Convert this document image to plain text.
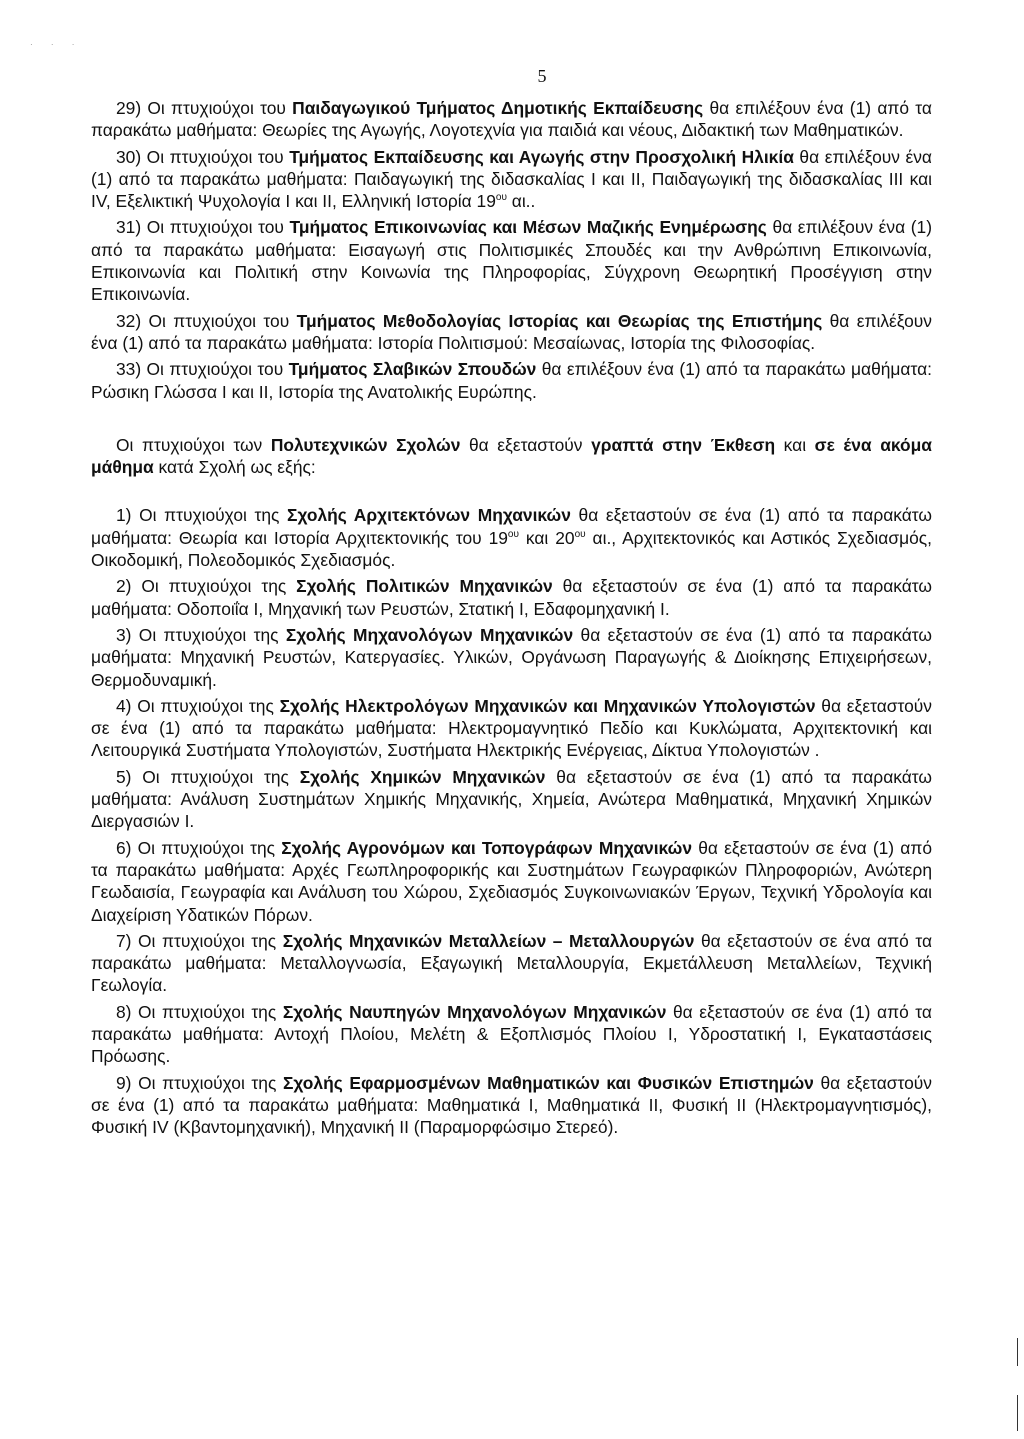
· · ·
5

29) Οι πτυχιούχοι του Παιδαγωγικού Τμήματος Δημοτικής Εκπαίδευσης θα επιλέξουν ένα (1) από τα παρακάτω μαθήματα: Θεωρίες της Αγωγής, Λογοτεχνία για παιδιά και νέους, Διδακτική των Μαθηματικών.

30) Οι πτυχιούχοι του Τμήματος Εκπαίδευσης και Αγωγής στην Προσχολική Ηλικία θα επιλέξουν ένα (1) από τα παρακάτω μαθήματα: Παιδαγωγική της διδασκαλίας Ι και ΙΙ, Παιδαγωγική της διδασκαλίας ΙΙΙ και IV, Εξελικτική Ψυχολογία Ι και ΙΙ, Ελληνική Ιστορία $19^{o\upsilon}$ αι..

31) Οι πτυχιούχοι του Τμήματος Επικοινωνίας και Μέσων Μαζικής Ενημέρωσης θα επιλέξουν ένα (1) από τα παρακάτω μαθήματα: Εισαγωγή στις Πολιτισμικές Σπουδές και την Ανθρώπινη Επικοινωνία, Επικοινωνία και Πολιτική στην Κοινωνία της Πληροφορίας, Σύγχρονη Θεωρητική Προσέγγιση στην Επικοινωνία.

32) Οι πτυχιούχοι του Τμήματος Μεθοδολογίας Ιστορίας και Θεωρίας της Επιστήμης θα επιλέξουν ένα (1) από τα παρακάτω μαθήματα: Ιστορία Πολιτισμού: Μεσαίωνας, Ιστορία της Φιλοσοφίας.

33) Οι πτυχιούχοι του Τμήματος Σλαβικών Σπουδών θα επιλέξουν ένα (1) από τα παρακάτω μαθήματα: Ρώσικη Γλώσσα Ι και ΙΙ, Ιστορία της Ανατολικής Ευρώπης.

Οι πτυχιούχοι των Πολυτεχνικών Σχολών θα εξεταστούν γραπτά στην Έκθεση και σε ένα ακόμα μάθημα κατά Σχολή ως εξής:

1) Οι πτυχιούχοι της Σχολής Αρχιτεκτόνων Μηχανικών θα εξεταστούν σε ένα (1) από τα παρακάτω μαθήματα: Θεωρία και Ιστορία Αρχιτεκτονικής του $19^{o\upsilon}$ και $20^{o\upsilon}$ αι., Αρχιτεκτονικός και Αστικός Σχεδιασμός, Οικοδομική, Πολεοδομικός Σχεδιασμός.

2) Οι πτυχιούχοι της Σχολής Πολιτικών Μηχανικών θα εξεταστούν σε ένα (1) από τα παρακάτω μαθήματα: Οδοποιΐα Ι, Μηχανική των Ρευστών, Στατική Ι, Εδαφομηχανική Ι.

3) Οι πτυχιούχοι της Σχολής Μηχανολόγων Μηχανικών θα εξεταστούν σε ένα (1) από τα παρακάτω μαθήματα: Μηχανική Ρευστών, Κατεργασίες. Υλικών, Οργάνωση Παραγωγής & Διοίκησης Επιχειρήσεων, Θερμοδυναμική.

4) Οι πτυχιούχοι της Σχολής Ηλεκτρολόγων Μηχανικών και Μηχανικών Υπολογιστών θα εξεταστούν σε ένα (1) από τα παρακάτω μαθήματα: Ηλεκτρομαγνητικό Πεδίο και Κυκλώματα, Αρχιτεκτονική και Λειτουργικά Συστήματα Υπολογιστών, Συστήματα Ηλεκτρικής Ενέργειας, Δίκτυα Υπολογιστών .

5) Οι πτυχιούχοι της Σχολής Χημικών Μηχανικών θα εξεταστούν σε ένα (1) από τα παρακάτω μαθήματα: Ανάλυση Συστημάτων Χημικής Μηχανικής, Χημεία, Ανώτερα Μαθηματικά, Μηχανική Χημικών Διεργασιών Ι.

6) Οι πτυχιούχοι της Σχολής Αγρονόμων και Τοπογράφων Μηχανικών θα εξεταστούν σε ένα (1) από τα παρακάτω μαθήματα: Αρχές Γεωπληροφορικής και Συστημάτων Γεωγραφικών Πληροφοριών, Ανώτερη Γεωδαισία, Γεωγραφία και Ανάλυση του Χώρου, Σχεδιασμός Συγκοινωνιακών Έργων, Τεχνική Υδρολογία και Διαχείριση Υδατικών Πόρων.

7) Οι πτυχιούχοι της Σχολής Μηχανικών Μεταλλείων – Μεταλλουργών θα εξεταστούν σε ένα από τα παρακάτω μαθήματα: Μεταλλογνωσία, Εξαγωγική Μεταλλουργία, Εκμετάλλευση Μεταλλείων, Τεχνική Γεωλογία.

8) Οι πτυχιούχοι της Σχολής Ναυπηγών Μηχανολόγων Μηχανικών θα εξεταστούν σε ένα (1) από τα παρακάτω μαθήματα: Αντοχή Πλοίου, Μελέτη & Εξοπλισμός Πλοίου Ι, Υδροστατική Ι, Εγκαταστάσεις Πρόωσης.

9) Οι πτυχιούχοι της Σχολής Εφαρμοσμένων Μαθηματικών και Φυσικών Επιστημών θα εξεταστούν σε ένα (1) από τα παρακάτω μαθήματα: Μαθηματικά Ι, Μαθηματικά ΙΙ, Φυσική ΙΙ (Ηλεκτρομαγνητισμός), Φυσική IV (Κβαντομηχανική), Μηχανική ΙΙ (Παραμορφώσιμο Στερεό).
